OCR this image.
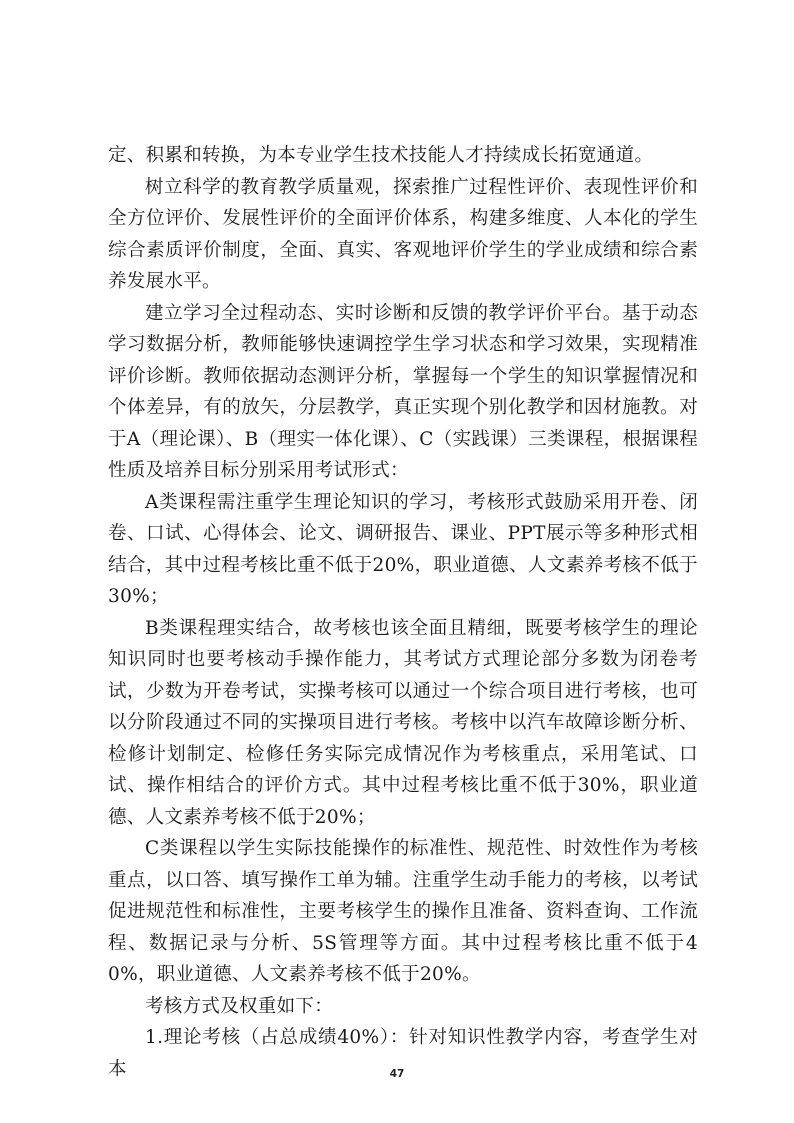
定、积累和转换，为本专业学生技术技能人才持续成长拓宽通道。

树立科学的教育教学质量观，探索推广过程性评价、表现性评价和全方位评价、发展性评价的全面评价体系，构建多维度、人本化的学生综合素质评价制度，全面、真实、客观地评价学生的学业成绩和综合素养发展水平。

建立学习全过程动态、实时诊断和反馈的教学评价平台。基于动态学习数据分析，教师能够快速调控学生学习状态和学习效果，实现精准评价诊断。教师依据动态测评分析，掌握每一个学生的知识掌握情况和个体差异，有的放矢，分层教学，真正实现个别化教学和因材施教。对于A（理论课）、B（理实一体化课）、C（实践课）三类课程，根据课程性质及培养目标分别采用考试形式：

A类课程需注重学生理论知识的学习，考核形式鼓励采用开卷、闭卷、口试、心得体会、论文、调研报告、课业、PPT展示等多种形式相结合，其中过程考核比重不低于20%，职业道德、人文素养考核不低于30%；

B类课程理实结合，故考核也该全面且精细，既要考核学生的理论知识同时也要考核动手操作能力，其考试方式理论部分多数为闭卷考试，少数为开卷考试，实操考核可以通过一个综合项目进行考核，也可以分阶段通过不同的实操项目进行考核。考核中以汽车故障诊断分析、检修计划制定、检修任务实际完成情况作为考核重点，采用笔试、口试、操作相结合的评价方式。其中过程考核比重不低于30%，职业道德、人文素养考核不低于20%；

C类课程以学生实际技能操作的标准性、规范性、时效性作为考核重点，以口答、填写操作工单为辅。注重学生动手能力的考核，以考试促进规范性和标准性，主要考核学生的操作且准备、资料查询、工作流程、数据记录与分析、5S管理等方面。其中过程考核比重不低于40%，职业道德、人文素养考核不低于20%。

考核方式及权重如下：

1.理论考核（占总成绩40%）：针对知识性教学内容，考查学生对本	47
